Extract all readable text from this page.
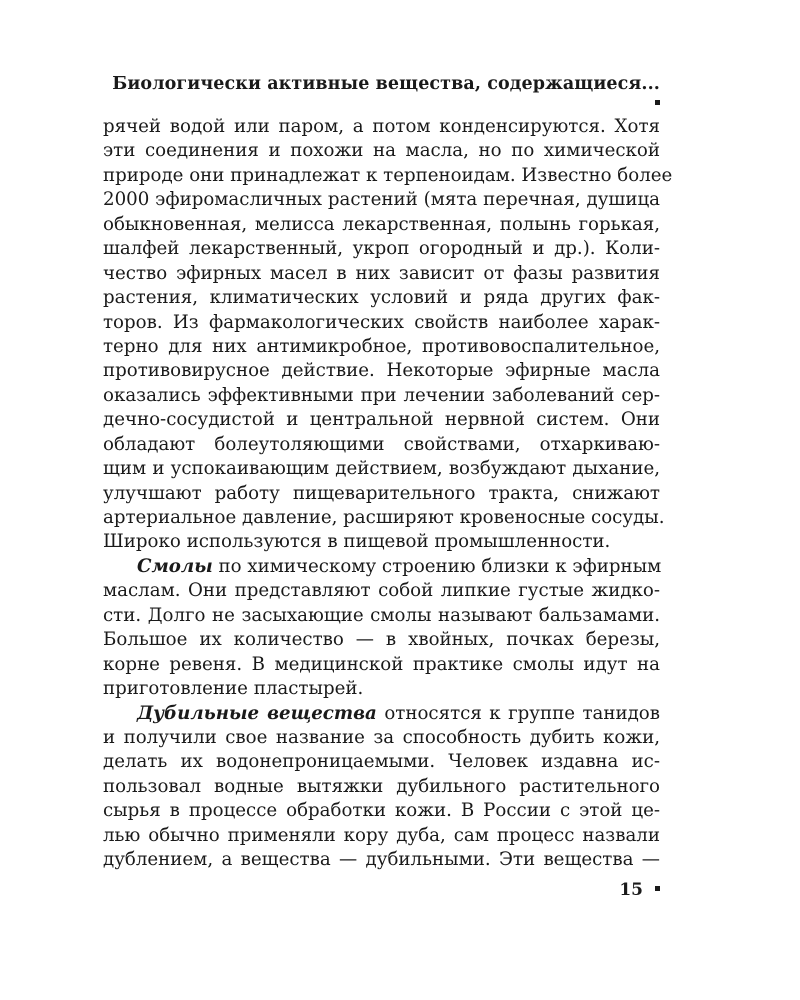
Биологически активные вещества, содержащиеся...
рячей водой или паром, а потом конденсируются. Хотя
эти соединения и похожи на масла, но по химической
природе они принадлежат к терпеноидам. Известно более
2000 эфиромасличных растений (мята перечная, душица
обыкновенная, мелисса лекарственная, полынь горькая,
шалфей лекарственный, укроп огородный и др.). Коли-
чество эфирных масел в них зависит от фазы развития
растения, климатических условий и ряда других фак-
торов. Из фармакологических свойств наиболее харак-
терно для них антимикробное, противовоспалительное,
противовирусное действие. Некоторые эфирные масла
оказались эффективными при лечении заболеваний сер-
дечно-сосудистой и центральной нервной систем. Они
обладают болеутоляющими свойствами, отхаркиваю-
щим и успокаивающим действием, возбуждают дыхание,
улучшают работу пищеварительного тракта, снижают
артериальное давление, расширяют кровеносные сосуды.
Широко используются в пищевой промышленности.
Смолы по химическому строению близки к эфирным
маслам. Они представляют собой липкие густые жидко-
сти. Долго не засыхающие смолы называют бальзамами.
Большое их количество — в хвойных, почках березы,
корне ревеня. В медицинской практике смолы идут на
приготовление пластырей.
Дубильные вещества относятся к группе танидов
и получили свое название за способность дубить кожи,
делать их водонепроницаемыми. Человек издавна ис-
пользовал водные вытяжки дубильного растительного
сырья в процессе обработки кожи. В России с этой це-
лью обычно применяли кору дуба, сам процесс назвали
дублением, а вещества — дубильными. Эти вещества —
15
